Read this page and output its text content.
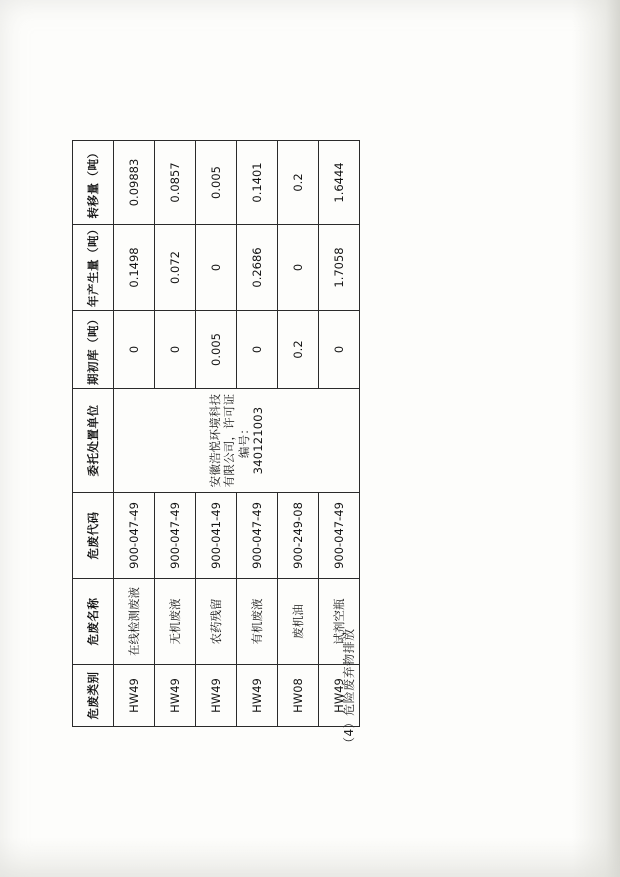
（4）危险废弃物排放
危废类别	危废名称	危废代码	委托处置单位	期初库（吨）	年产生量（吨）	转移量（吨）
HW49	在线检测废液	900-047-49	安徽浩悦环境科技有限公司，许可证编号：340121003	0	0.1498	0.09883
HW49	无机废液	900-047-49		0	0.072	0.0857
HW49	农药残留	900-041-49		0.005	0	0.005
HW49	有机废液	900-047-49		0	0.2686	0.1401
HW08	废机油	900-249-08		0.2	0	0.2
HW49	试剂空瓶	900-047-49		0	1.7058	1.6444
